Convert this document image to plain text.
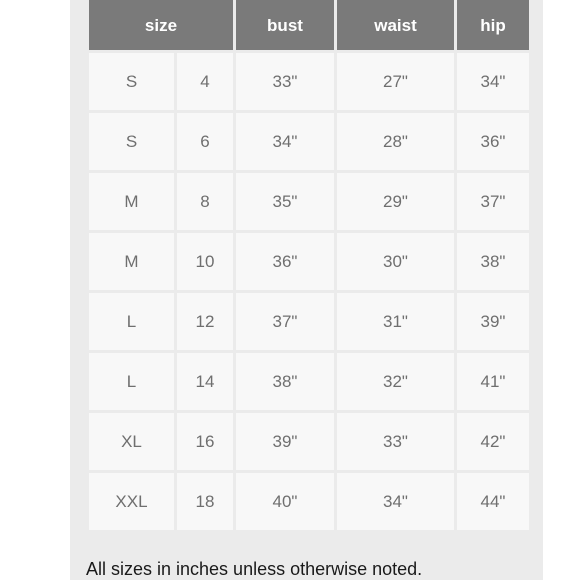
size		bust	waist	hip
S	4	33"	27"	34"
S	6	34"	28"	36"
M	8	35"	29"	37"
M	10	36"	30"	38"
L	12	37"	31"	39"
L	14	38"	32"	41"
XL	16	39"	33"	42"
XXL	18	40"	34"	44"
All sizes in inches unless otherwise noted.
